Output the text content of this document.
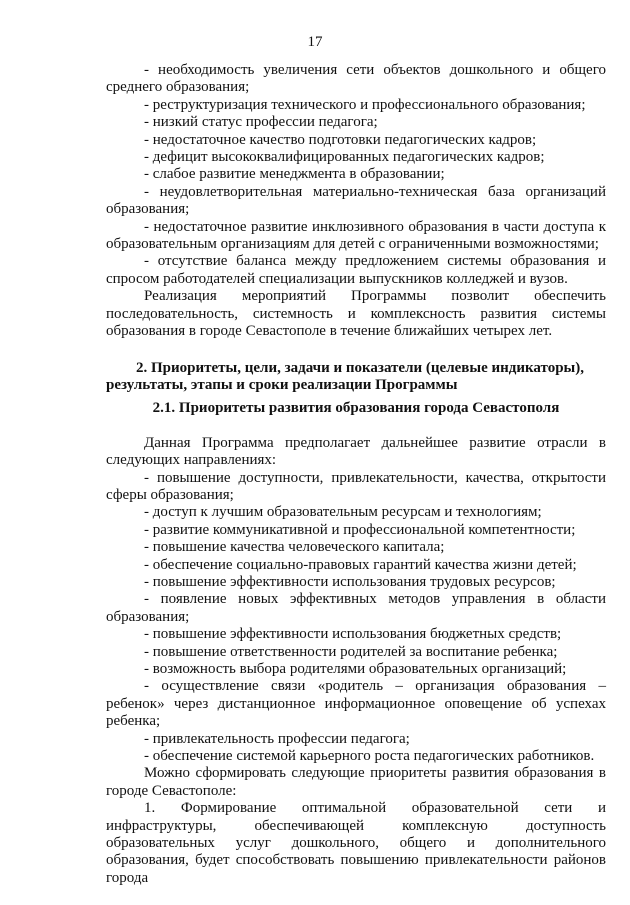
17

- необходимость увеличения сети объектов дошкольного и общего среднего образования;

- реструктуризация технического и профессионального образования;

- низкий статус профессии педагога;

- недостаточное качество подготовки педагогических кадров;

- дефицит высококвалифицированных педагогических кадров;

- слабое развитие менеджмента в образовании;

- неудовлетворительная материально-техническая база организаций образования;

- недостаточное развитие инклюзивного образования в части доступа к образовательным организациям для детей с ограниченными возможностями;

- отсутствие баланса между предложением системы образования и спросом работодателей специализации выпускников колледжей и вузов.

Реализация мероприятий Программы позволит обеспечить последовательность, системность и комплексность развития системы образования в городе Севастополе в течение ближайших четырех лет.

2. Приоритеты, цели, задачи и показатели (целевые индикаторы), результаты, этапы и сроки реализации Программы

2.1. Приоритеты развития образования города Севастополя

Данная Программа предполагает дальнейшее развитие отрасли в следующих направлениях:

- повышение доступности, привлекательности, качества, открытости сферы образования;

- доступ к лучшим образовательным ресурсам и технологиям;

- развитие коммуникативной и профессиональной компетентности;

- повышение качества человеческого капитала;

- обеспечение социально-правовых гарантий качества жизни детей;

- повышение эффективности использования трудовых ресурсов;

- появление новых эффективных методов управления в области образования;

- повышение эффективности использования бюджетных средств;

- повышение ответственности родителей за воспитание ребенка;

- возможность выбора родителями образовательных организаций;

- осуществление связи «родитель – организация образования – ребенок» через дистанционное информационное оповещение об успехах ребенка;

- привлекательность профессии педагога;

- обеспечение системой карьерного роста педагогических работников.

Можно сформировать следующие приоритеты развития образования в городе Севастополе:

1. Формирование оптимальной образовательной сети и инфраструктуры, обеспечивающей комплексную доступность образовательных услуг дошкольного, общего и дополнительного образования, будет способствовать повышению привлекательности районов города
